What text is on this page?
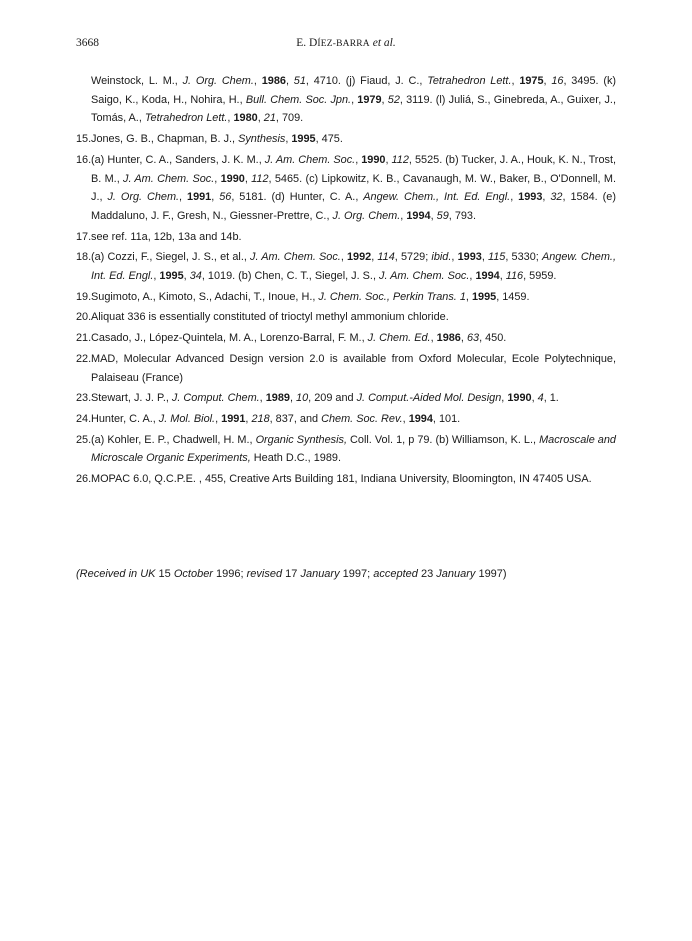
3668	E. DÍEZ-BARRA et al.
Weinstock, L. M., J. Org. Chem., 1986, 51, 4710. (j) Fiaud, J. C., Tetrahedron Lett., 1975, 16, 3495. (k) Saigo, K., Koda, H., Nohira, H., Bull. Chem. Soc. Jpn., 1979, 52, 3119. (l) Juliá, S., Ginebreda, A., Guixer, J., Tomás, A., Tetrahedron Lett., 1980, 21, 709.
15. Jones, G. B., Chapman, B. J., Synthesis, 1995, 475.
16. (a) Hunter, C. A., Sanders, J. K. M., J. Am. Chem. Soc., 1990, 112, 5525. (b) Tucker, J. A., Houk, K. N., Trost, B. M., J. Am. Chem. Soc., 1990, 112, 5465. (c) Lipkowitz, K. B., Cavanaugh, M. W., Baker, B., O'Donnell, M. J., J. Org. Chem., 1991, 56, 5181. (d) Hunter, C. A., Angew. Chem., Int. Ed. Engl., 1993, 32, 1584. (e) Maddaluno, J. F., Gresh, N., Giessner-Prettre, C., J. Org. Chem., 1994, 59, 793.
17. see ref. 11a, 12b, 13a and 14b.
18. (a) Cozzi, F., Siegel, J. S., et al., J. Am. Chem. Soc., 1992, 114, 5729; ibid., 1993, 115, 5330; Angew. Chem., Int. Ed. Engl., 1995, 34, 1019. (b) Chen, C. T., Siegel, J. S., J. Am. Chem. Soc., 1994, 116, 5959.
19. Sugimoto, A., Kimoto, S., Adachi, T., Inoue, H., J. Chem. Soc., Perkin Trans. 1, 1995, 1459.
20. Aliquat 336 is essentially constituted of trioctyl methyl ammonium chloride.
21. Casado, J., López-Quintela, M. A., Lorenzo-Barral, F. M., J. Chem. Ed., 1986, 63, 450.
22. MAD, Molecular Advanced Design version 2.0 is available from Oxford Molecular, Ecole Polytechnique, Palaiseau (France)
23. Stewart, J. J. P., J. Comput. Chem., 1989, 10, 209 and J. Comput.-Aided Mol. Design, 1990, 4, 1.
24. Hunter, C. A., J. Mol. Biol., 1991, 218, 837, and Chem. Soc. Rev., 1994, 101.
25. (a) Kohler, E. P., Chadwell, H. M., Organic Synthesis, Coll. Vol. 1, p 79. (b) Williamson, K. L., Macroscale and Microscale Organic Experiments, Heath D.C., 1989.
26. MOPAC 6.0, Q.C.P.E. , 455, Creative Arts Building 181, Indiana University, Bloomington, IN 47405 USA.
(Received in UK 15 October 1996; revised 17 January 1997; accepted 23 January 1997)
